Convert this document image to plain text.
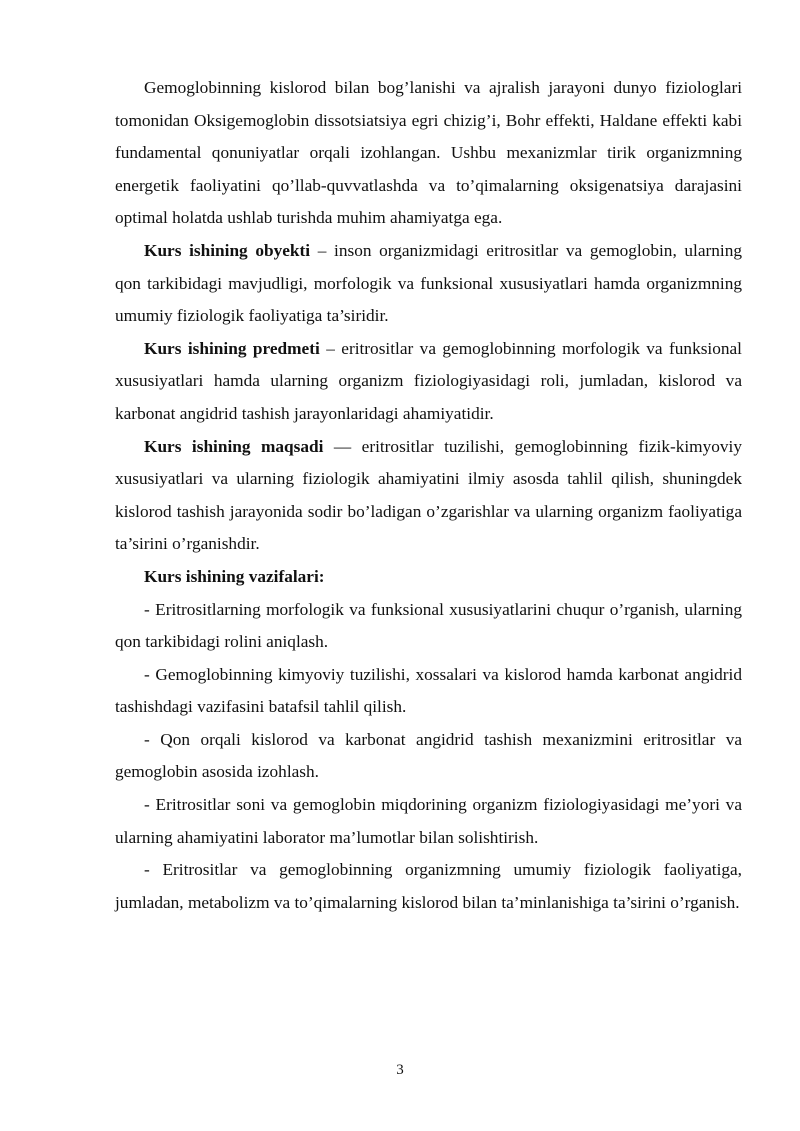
Gemoglobinning kislorod bilan bog’lanishi va ajralish jarayoni dunyo fiziologlari tomonidan Oksigemoglobin dissotsiatsiya egri chizig’i, Bohr effekti, Haldane effekti kabi fundamental qonuniyatlar orqali izohlangan. Ushbu mexanizmlar tirik organizmning energetik faoliyatini qo’llab-quvvatlashda va to’qimalarning oksigenatsiya darajasini optimal holatda ushlab turishda muhim ahamiyatga ega.

Kurs ishining obyekti – inson organizmidagi eritrositlar va gemoglobin, ularning qon tarkibidagi mavjudligi, morfologik va funksional xususiyatlari hamda organizmning umumiy fiziologik faoliyatiga ta’siridir.

Kurs ishining predmeti – eritrositlar va gemoglobinning morfologik va funksional xususiyatlari hamda ularning organizm fiziologiyasidagi roli, jumladan, kislorod va karbonat angidrid tashish jarayonlaridagi ahamiyatidir.

Kurs ishining maqsadi — eritrositlar tuzilishi, gemoglobinning fizik-kimyoviy xususiyatlari va ularning fiziologik ahamiyatini ilmiy asosda tahlil qilish, shuningdek kislorod tashish jarayonida sodir bo’ladigan o’zgarishlar va ularning organizm faoliyatiga ta’sirini o’rganishdir.

Kurs ishining vazifalari:

- Eritrositlarning morfologik va funksional xususiyatlarini chuqur o’rganish, ularning qon tarkibidagi rolini aniqlash.

- Gemoglobinning kimyoviy tuzilishi, xossalari va kislorod hamda karbonat angidrid tashishdagi vazifasini batafsil tahlil qilish.

- Qon orqali kislorod va karbonat angidrid tashish mexanizmini eritrositlar va gemoglobin asosida izohlash.

- Eritrositlar soni va gemoglobin miqdorining organizm fiziologiyasidagi me’yori va ularning ahamiyatini laborator ma’lumotlar bilan solishtirish.

- Eritrositlar va gemoglobinning organizmning umumiy fiziologik faoliyatiga, jumladan, metabolizm va to’qimalarning kislorod bilan ta’minlanishiga ta’sirini o’rganish.

3
